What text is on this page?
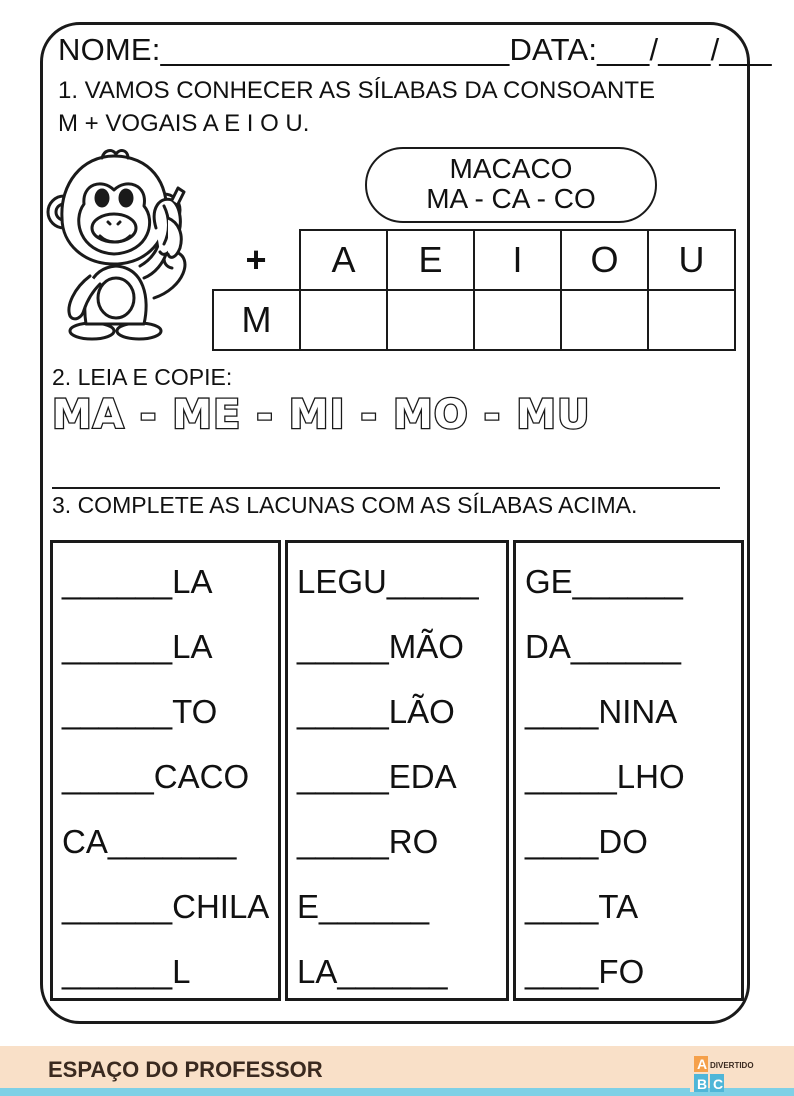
NOME:____________________DATA:___/___/___
1. VAMOS CONHECER AS SÍLABAS DA CONSOANTE
M + VOGAIS A E I O U.
MACACO
MA - CA - CO
+	A	E	I	O	U
M					
2. LEIA E COPIE:
MA - ME - MI - MO - MU
3. COMPLETE AS LACUNAS COM AS SÍLABAS ACIMA.
______LA
______LA
______TO
_____CACO
CA_______
______CHILA
______L
LEGU_____
_____MÃO
_____LÃO
_____EDA
_____RO
E______
LA______
GE______
DA______
____NINA
_____LHO
____DO
____TA
____FO
ESPAÇO DO PROFESSOR	A
B C
DIVERTIDO
